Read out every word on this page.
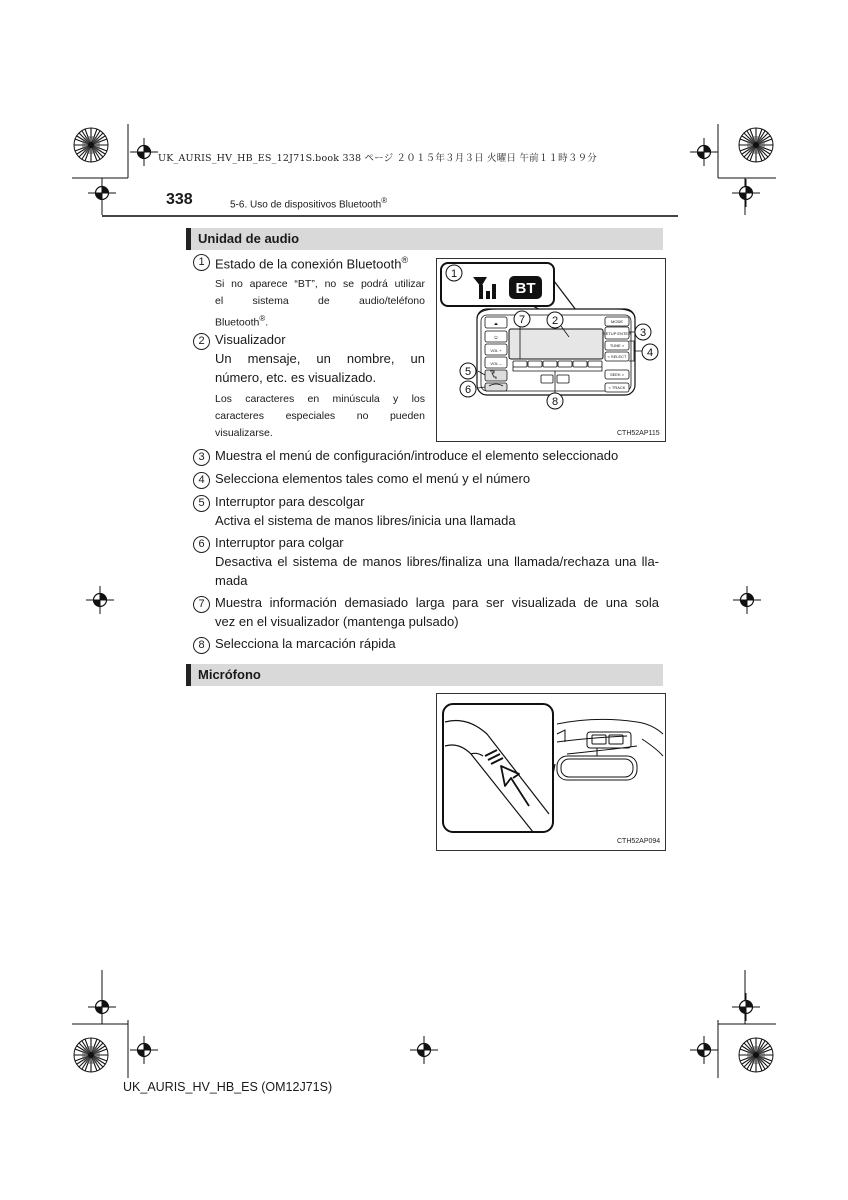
UK_AURIS_HV_HB_ES_12J71S.book 338 ページ ２０１５年３月３日 火曜日 午前１１時３９分
338	5-6. Uso de dispositivos Bluetooth®
Unidad de audio
1 Estado de la conexión Bluetooth®
Si no aparece “BT”, no se podrá utilizar
el sistema de audio/teléfono
Bluetooth®.
2 Visualizador
Un mensaje, un nombre, un
número, etc. es visualizado.
Los caracteres en minúscula y los
caracteres especiales no pueden
visualizarse.
BT
⏏
⏻
VOL +
VOL –
MODE
SETUP ENTER
TUNE >
< SELECT
SEEK >
< TRACK
1
2
3
4
5
6
7
8
CTH52AP115
3 Muestra el menú de configuración/introduce el elemento seleccionado
4 Selecciona elementos tales como el menú y el número
5 Interruptor para descolgar
Activa el sistema de manos libres/inicia una llamada
6 Interruptor para colgar
Desactiva el sistema de manos libres/finaliza una llamada/rechaza una lla-
mada
7 Muestra información demasiado larga para ser visualizada de una sola
vez en el visualizador (mantenga pulsado)
8 Selecciona la marcación rápida
Micrófono
CTH52AP094
UK_AURIS_HV_HB_ES (OM12J71S)
